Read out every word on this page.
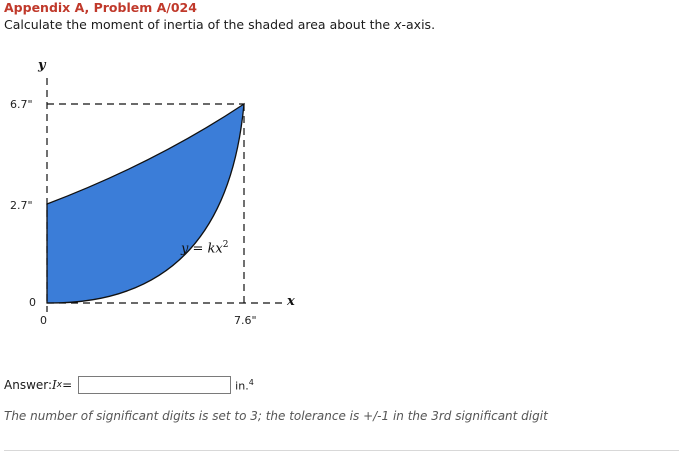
Appendix A, Problem A/024
Calculate the moment of inertia of the shaded area about the x-axis.
y
x
6.7"
2.7"
0
0	7.6"
$y = kx^2$
Answer: I x =	in.$^4$
The number of significant digits is set to 3; the tolerance is +/-1 in the 3rd significant digit
